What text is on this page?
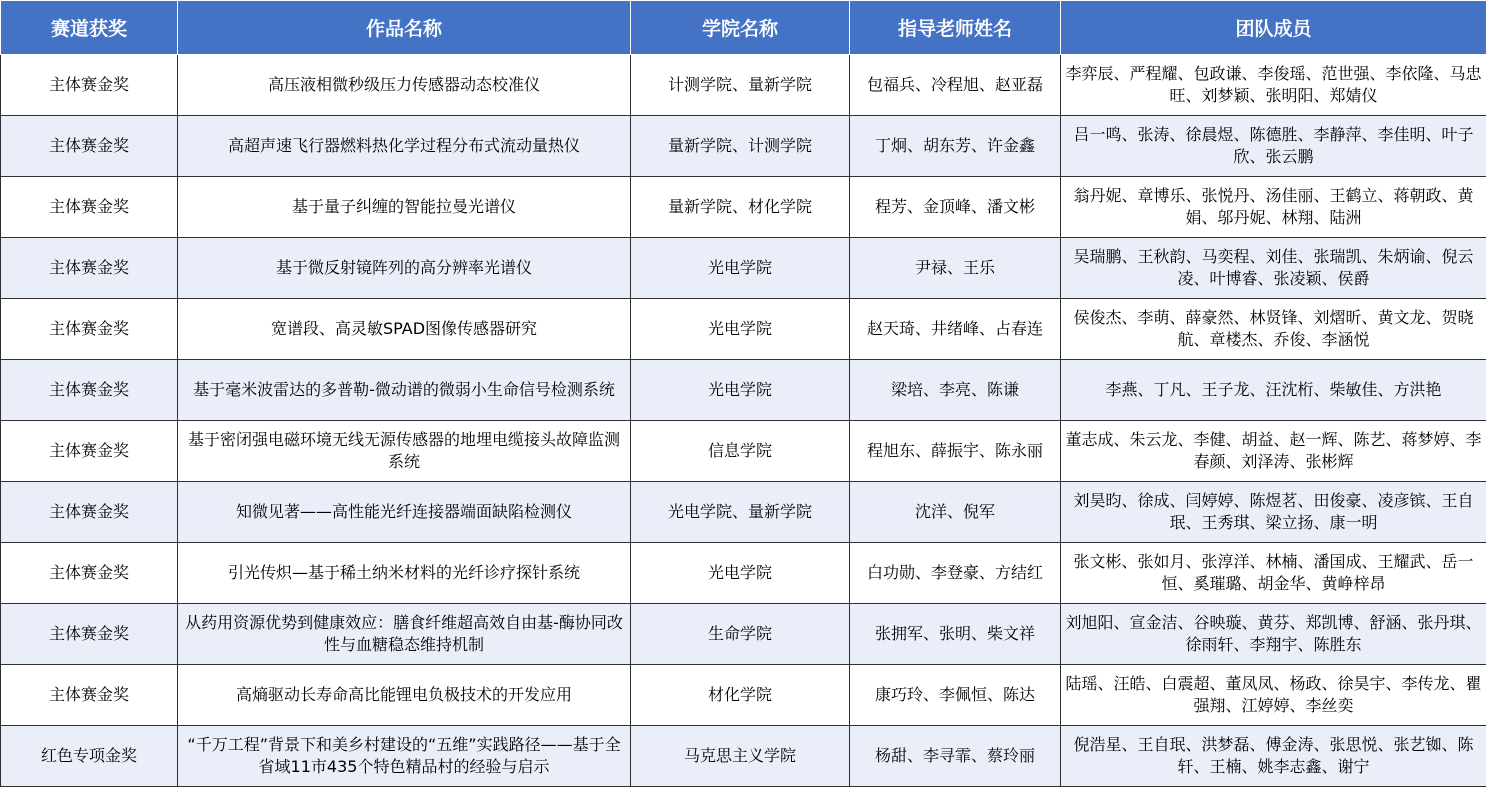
赛道获奖	作品名称	学院名称	指导老师姓名	团队成员
主体赛金奖	高压液相微秒级压力传感器动态校准仪	计测学院、量新学院	包福兵、冷程旭、赵亚磊	李弈辰、严程耀、包政谦、李俊瑶、范世强、李依隆、马忠旺、刘梦颖、张明阳、郑婧仪
主体赛金奖	高超声速飞行器燃料热化学过程分布式流动量热仪	量新学院、计测学院	丁炯、胡东芳、许金鑫	吕一鸣、张涛、徐晨煜、陈德胜、李静萍、李佳明、叶子欣、张云鹏
主体赛金奖	基于量子纠缠的智能拉曼光谱仪	量新学院、材化学院	程芳、金顶峰、潘文彬	翁丹妮、章博乐、张悦丹、汤佳丽、王鹤立、蒋朝政、黄娟、邬丹妮、林翔、陆洲
主体赛金奖	基于微反射镜阵列的高分辨率光谱仪	光电学院	尹禄、王乐	吴瑞鹏、王秋韵、马奕程、刘佳、张瑞凯、朱炳谕、倪云凌、叶博睿、张凌颖、侯爵
主体赛金奖	宽谱段、高灵敏SPAD图像传感器研究	光电学院	赵天琦、井绪峰、占春连	侯俊杰、李萌、薛豪然、林贤锋、刘熠昕、黄文龙、贺晓航、章楼杰、乔俊、李涵悦
主体赛金奖	基于毫米波雷达的多普勒-微动谱的微弱小生命信号检测系统	光电学院	梁培、李亮、陈谦	李燕、丁凡、王子龙、汪沈桁、柴敏佳、方洪艳
主体赛金奖	基于密闭强电磁环境无线无源传感器的地埋电缆接头故障监测系统	信息学院	程旭东、薛振宇、陈永丽	董志成、朱云龙、李健、胡益、赵一辉、陈艺、蒋梦婷、李春颜、刘泽涛、张彬辉
主体赛金奖	知微见著——高性能光纤连接器端面缺陷检测仪	光电学院、量新学院	沈洋、倪军	刘昊昀、徐成、闫婷婷、陈煜茗、田俊豪、凌彦镔、王自珉、王秀琪、梁立扬、康一明
主体赛金奖	引光传炽—基于稀土纳米材料的光纤诊疗探针系统	光电学院	白功勋、李登豪、方结红	张文彬、张如月、张淳洋、林楠、潘国成、王耀武、岳一恒、奚璀璐、胡金华、黄峥梓昂
主体赛金奖	从药用资源优势到健康效应：膳食纤维超高效自由基-酶协同改性与血糖稳态维持机制	生命学院	张拥军、张明、柴文祥	刘旭阳、宣金洁、谷映璇、黄芬、郑凯博、舒涵、张丹琪、徐雨轩、李翔宇、陈胜东
主体赛金奖	高熵驱动长寿命高比能锂电负极技术的开发应用	材化学院	康巧玲、李佩恒、陈达	陆瑶、汪皓、白震超、董凤凤、杨政、徐昊宇、李传龙、瞿强翔、江婷婷、李丝奕
红色专项金奖	“千万工程”背景下和美乡村建设的“五维”实践路径——基于全省域11市435个特色精品村的经验与启示	马克思主义学院	杨甜、李寻霏、蔡玲丽	倪浩星、王自珉、洪梦磊、傅金涛、张思悦、张艺铷、陈轩、王楠、姚李志鑫、谢宁
